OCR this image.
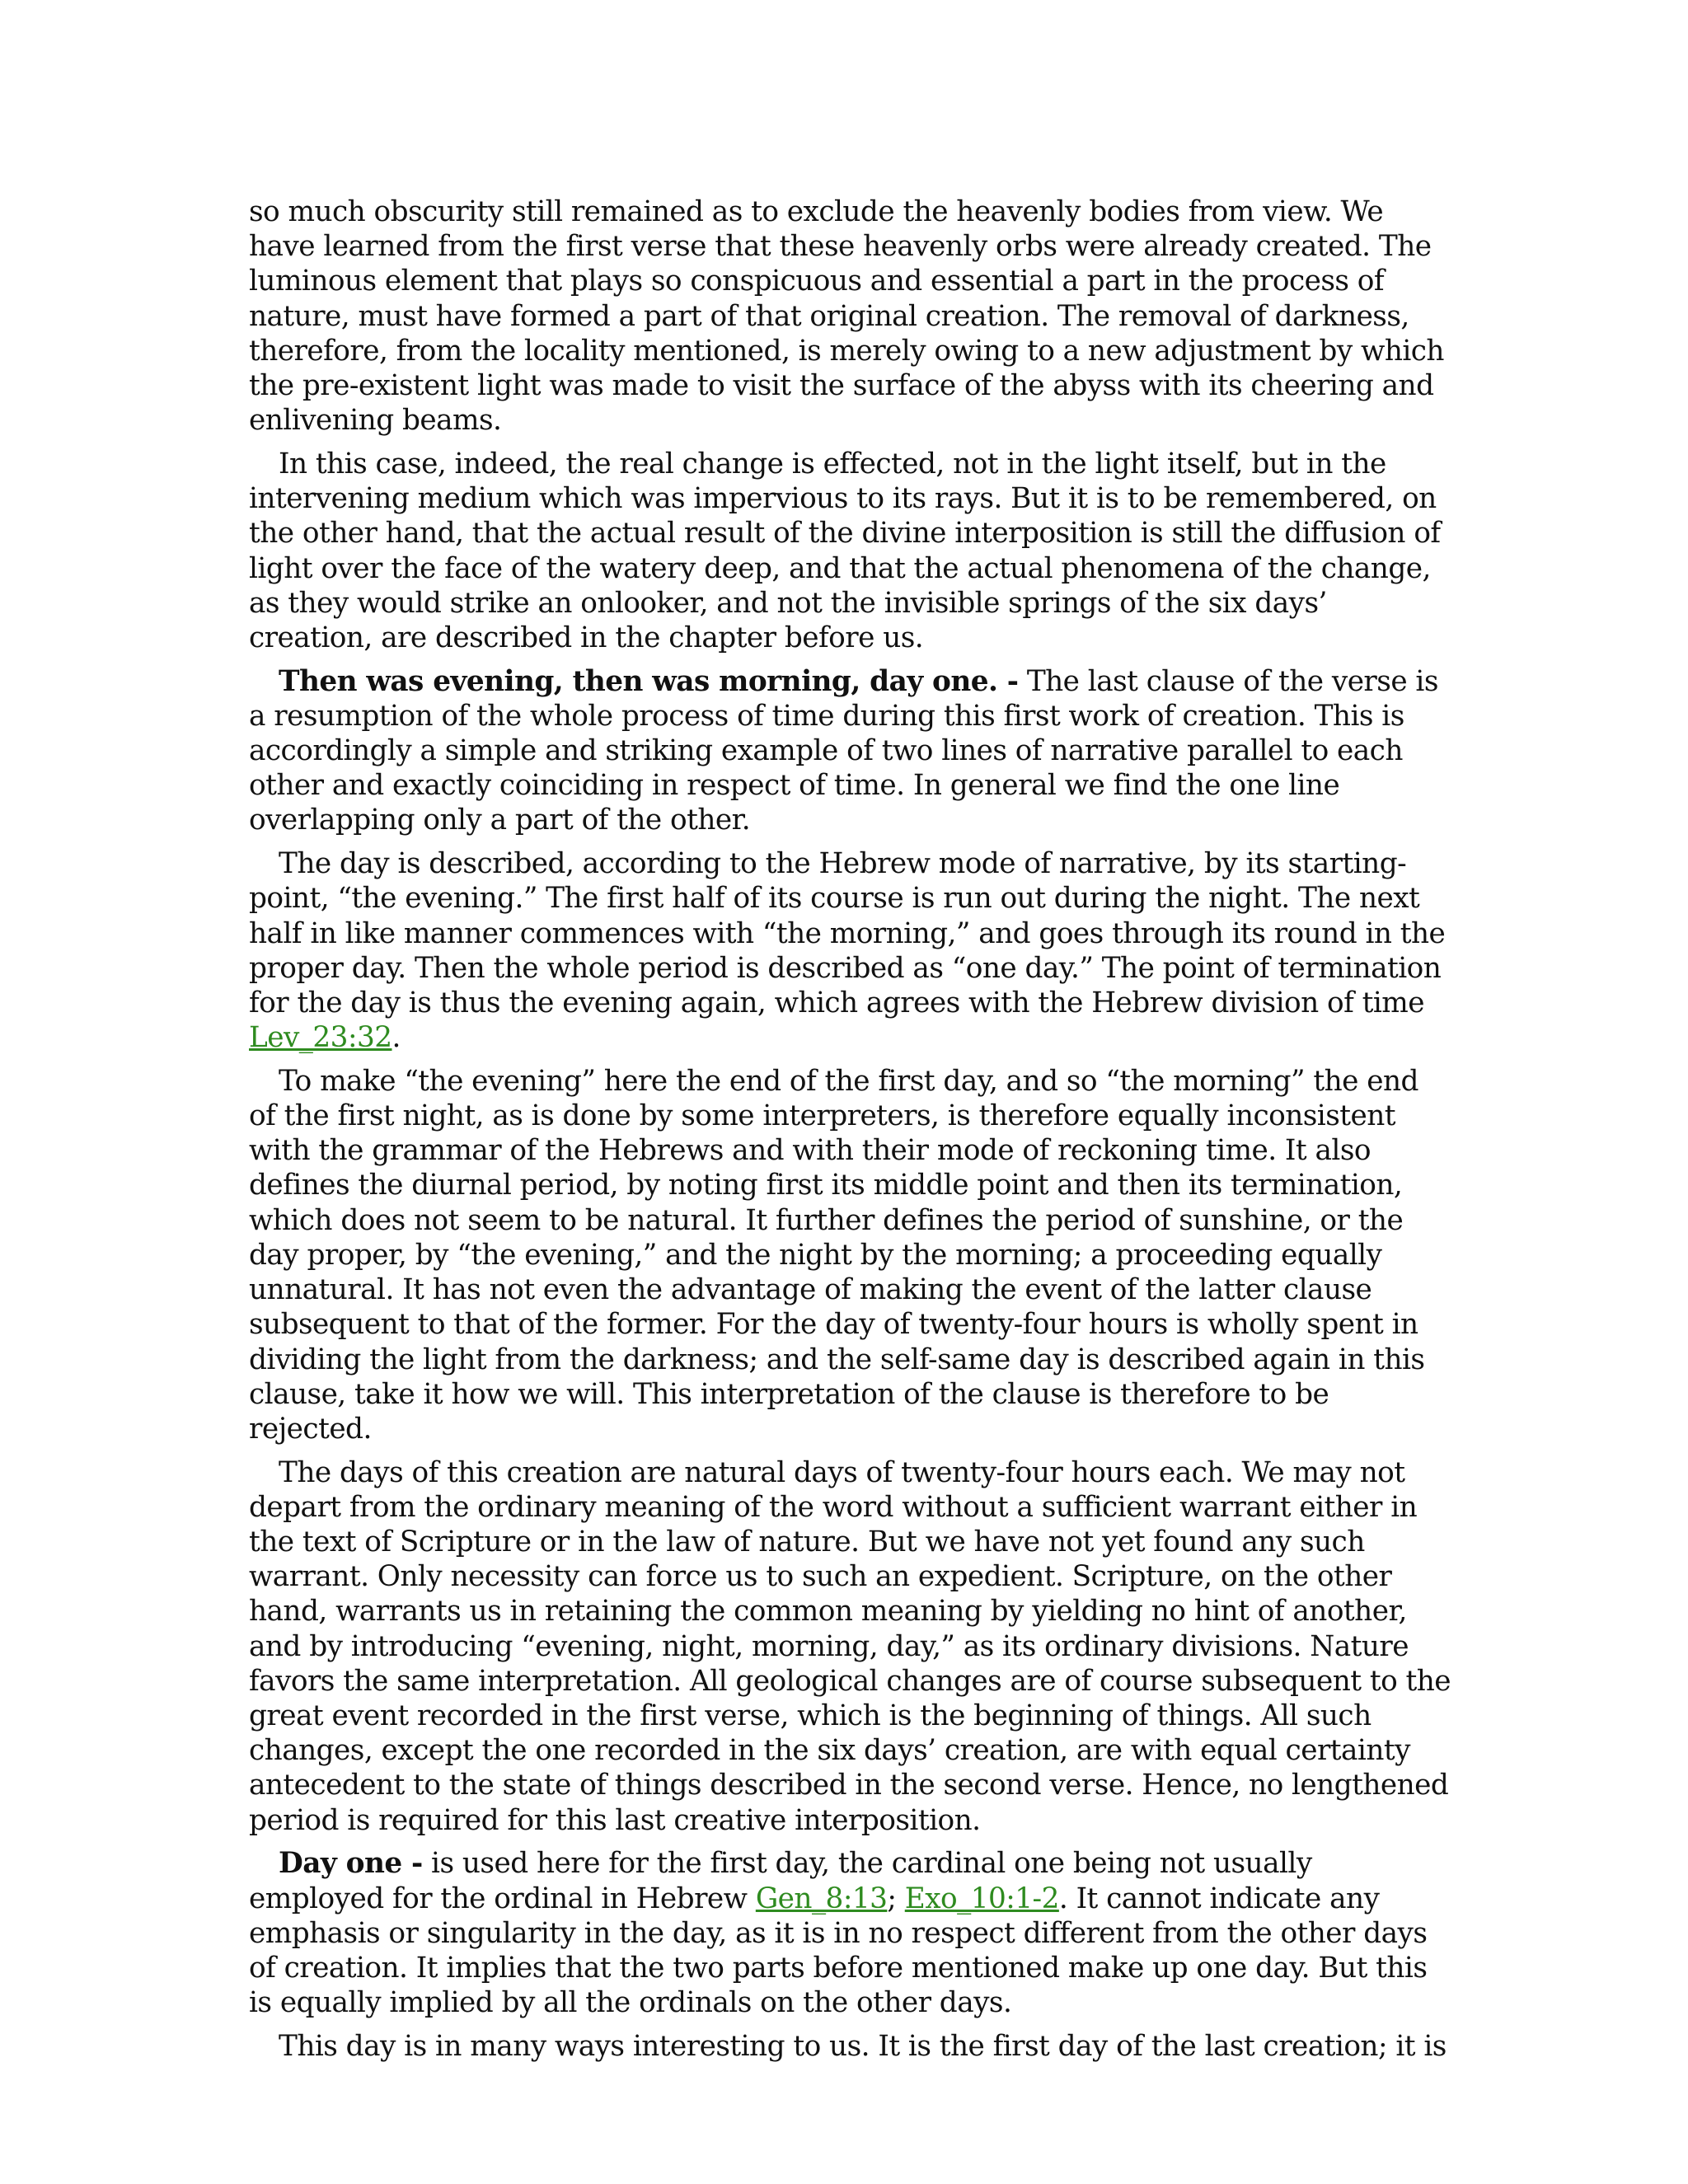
so much obscurity still remained as to exclude the heavenly bodies from view. We have learned from the first verse that these heavenly orbs were already created. The luminous element that plays so conspicuous and essential a part in the process of nature, must have formed a part of that original creation. The removal of darkness, therefore, from the locality mentioned, is merely owing to a new adjustment by which the pre-existent light was made to visit the surface of the abyss with its cheering and enlivening beams.

In this case, indeed, the real change is effected, not in the light itself, but in the intervening medium which was impervious to its rays. But it is to be remembered, on the other hand, that the actual result of the divine interposition is still the diffusion of light over the face of the watery deep, and that the actual phenomena of the change, as they would strike an onlooker, and not the invisible springs of the six days’ creation, are described in the chapter before us.

Then was evening, then was morning, day one. - The last clause of the verse is a resumption of the whole process of time during this first work of creation. This is accordingly a simple and striking example of two lines of narrative parallel to each other and exactly coinciding in respect of time. In general we find the one line overlapping only a part of the other.

The day is described, according to the Hebrew mode of narrative, by its starting-point, “the evening.” The first half of its course is run out during the night. The next half in like manner commences with “the morning,” and goes through its round in the proper day. Then the whole period is described as “one day.” The point of termination for the day is thus the evening again, which agrees with the Hebrew division of time Lev_23:32.

To make “the evening” here the end of the first day, and so “the morning” the end of the first night, as is done by some interpreters, is therefore equally inconsistent with the grammar of the Hebrews and with their mode of reckoning time. It also defines the diurnal period, by noting first its middle point and then its termination, which does not seem to be natural. It further defines the period of sunshine, or the day proper, by “the evening,” and the night by the morning; a proceeding equally unnatural. It has not even the advantage of making the event of the latter clause subsequent to that of the former. For the day of twenty-four hours is wholly spent in dividing the light from the darkness; and the self-same day is described again in this clause, take it how we will. This interpretation of the clause is therefore to be rejected.

The days of this creation are natural days of twenty-four hours each. We may not depart from the ordinary meaning of the word without a sufficient warrant either in the text of Scripture or in the law of nature. But we have not yet found any such warrant. Only necessity can force us to such an expedient. Scripture, on the other hand, warrants us in retaining the common meaning by yielding no hint of another, and by introducing “evening, night, morning, day,” as its ordinary divisions. Nature favors the same interpretation. All geological changes are of course subsequent to the great event recorded in the first verse, which is the beginning of things. All such changes, except the one recorded in the six days’ creation, are with equal certainty antecedent to the state of things described in the second verse. Hence, no lengthened period is required for this last creative interposition.

Day one - is used here for the first day, the cardinal one being not usually employed for the ordinal in Hebrew Gen_8:13; Exo_10:1-2. It cannot indicate any emphasis or singularity in the day, as it is in no respect different from the other days of creation. It implies that the two parts before mentioned make up one day. But this is equally implied by all the ordinals on the other days.

This day is in many ways interesting to us. It is the first day of the last creation; it is
